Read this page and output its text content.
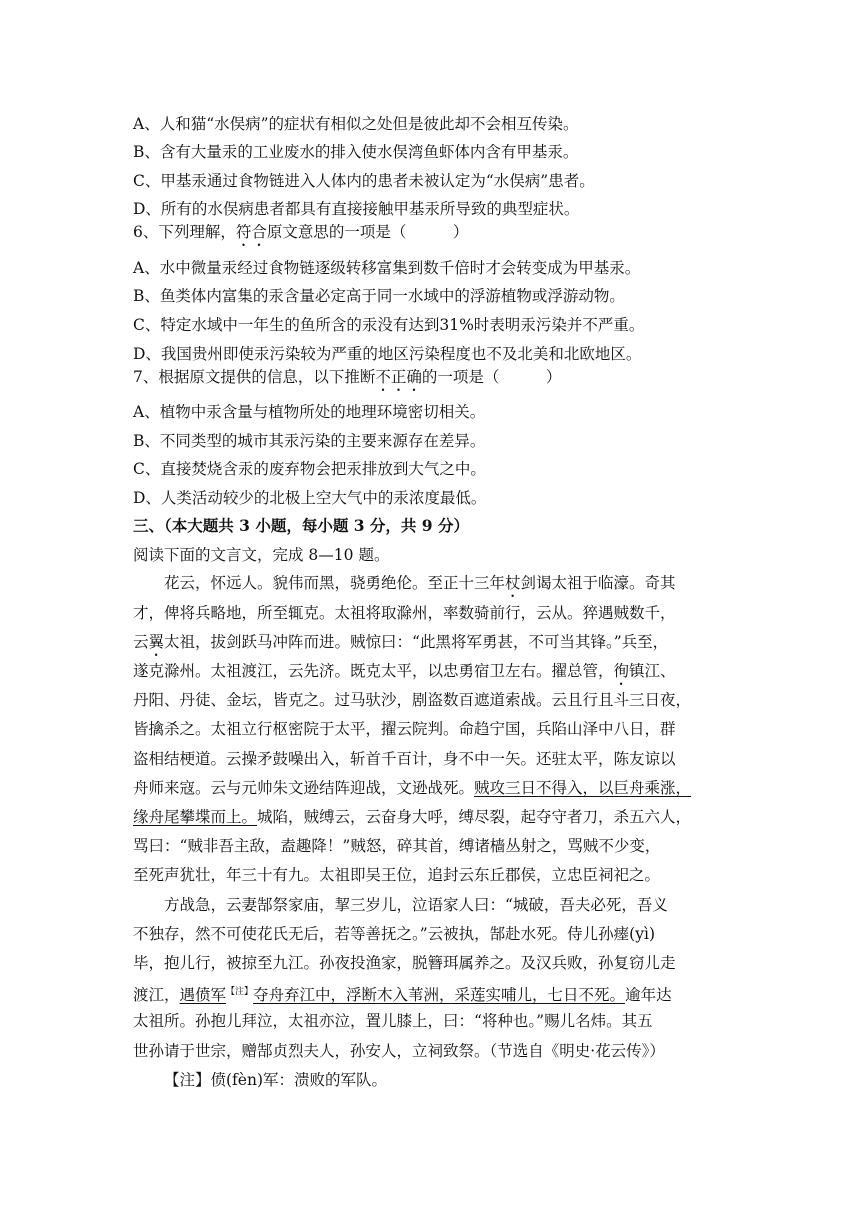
A、人和猫“水俣病”的症状有相似之处但是彼此却不会相互传染。
B、含有大量汞的工业废水的排入使水俣湾鱼虾体内含有甲基汞。
C、甲基汞通过食物链进入人体内的患者未被认定为“水俣病”患者。
D、所有的水俣病患者都具有直接接触甲基汞所导致的典型症状。
6、下列理解，符合原文意思的一项是（　　　）
A、水中微量汞经过食物链逐级转移富集到数千倍时才会转变成为甲基汞。
B、鱼类体内富集的汞含量必定高于同一水域中的浮游植物或浮游动物。
C、特定水域中一年生的鱼所含的汞没有达到31%时表明汞污染并不严重。
D、我国贵州即使汞污染较为严重的地区污染程度也不及北美和北欧地区。
7、根据原文提供的信息，以下推断不正确的一项是（　　　）
A、植物中汞含量与植物所处的地理环境密切相关。
B、不同类型的城市其汞污染的主要来源存在差异。
C、直接焚烧含汞的废弃物会把汞排放到大气之中。
D、人类活动较少的北极上空大气中的汞浓度最低。
三、（本大题共 3 小题，每小题 3 分，共 9 分）
阅读下面的文言文，完成 8—10 题。
花云，怀远人。貌伟而黑，骁勇绝伦。至正十三年杖剑谒太祖于临濠。奇其
才，俾将兵略地，所至辄克。太祖将取滁州，率数骑前行，云从。猝遇贼数千，
云翼太祖，拔剑跃马冲阵而进。贼惊曰：“此黑将军勇甚，不可当其锋。”兵至，
遂克滁州。太祖渡江，云先济。既克太平，以忠勇宿卫左右。擢总管，徇镇江、
丹阳、丹徒、金坛，皆克之。过马驮沙，剧盗数百遮道索战。云且行且斗三日夜，
皆擒杀之。太祖立行枢密院于太平，擢云院判。命趋宁国，兵陷山泽中八日，群
盗相结梗道。云操矛鼓噪出入，斩首千百计，身不中一矢。还驻太平，陈友谅以
舟师来寇。云与元帅朱文逊结阵迎战，文逊战死。贼攻三日不得入，以巨舟乘涨，
缘舟尾攀堞而上。城陷，贼缚云，云奋身大呼，缚尽裂，起夺守者刀，杀五六人，
骂曰：“贼非吾主敌，盍趣降！”贼怒，碎其首，缚诸樯丛射之，骂贼不少变，
至死声犹壮，年三十有九。太祖即吴王位，追封云东丘郡侯，立忠臣祠祀之。
方战急，云妻郜祭家庙，挈三岁儿，泣语家人曰：“城破，吾夫必死，吾义
不独存，然不可使花氏无后，若等善抚之。”云被执，郜赴水死。侍儿孙瘗(yì)
毕，抱儿行，被掠至九江。孙夜投渔家，脱簪珥属养之。及汉兵败，孙复窃儿走
渡江，遇偾军$^{【注】}$夺舟弃江中，浮断木入苇洲，采莲实哺儿，七日不死。逾年达
太祖所。孙抱儿拜泣，太祖亦泣，置儿膝上，曰：“将种也。”赐儿名炜。其五
世孙请于世宗，赠郜贞烈夫人，孙安人，立祠致祭。（节选自《明史·花云传》）
【注】偾(fèn)军：溃败的军队。
